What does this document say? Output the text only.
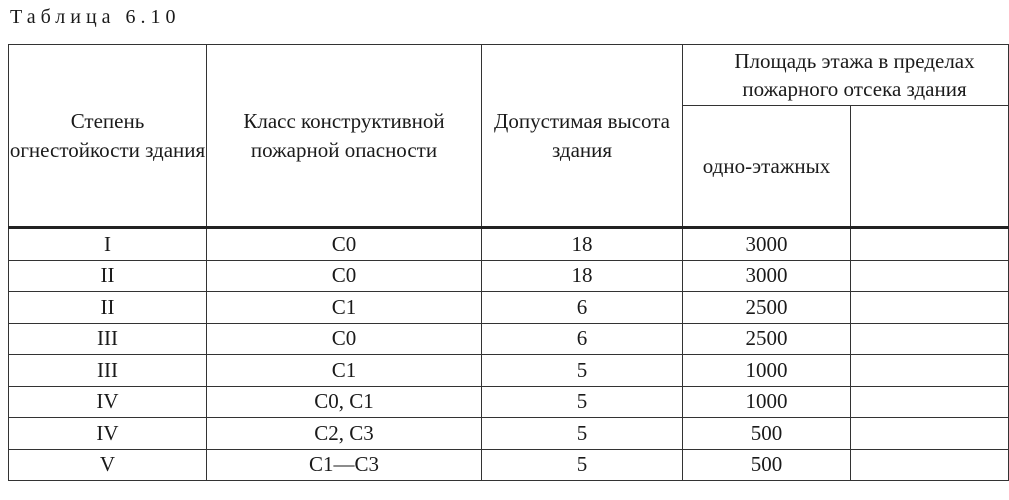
Таблица 6.10
Степень огнестойкости здания	Класс конструктивной пожарной опасности	Допустимая высота здания	Площадь этажа в пределах пожарного отсека здания	
			одно-этажных	
I	С0	18	3000	
II	С0	18	3000	
II	С1	6	2500	
III	С0	6	2500	
III	С1	5	1000	
IV	С0, С1	5	1000	
IV	С2, С3	5	500	
V	С1—С3	5	500	
